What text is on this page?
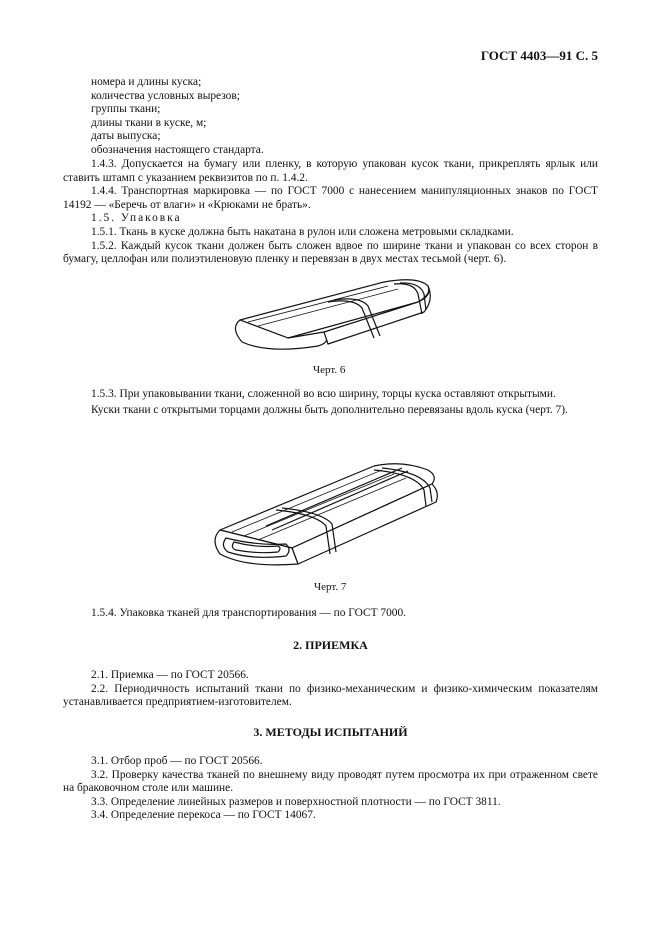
ГОСТ 4403—91 С. 5

номера и длины куска;

количества условных вырезов;

группы ткани;

длины ткани в куске, м;

даты выпуска;

обозначения настоящего стандарта.

1.4.3. Допускается на бумагу или пленку, в которую упакован кусок ткани, прикреплять ярлык или ставить штамп с указанием реквизитов по п. 1.4.2.

1.4.4. Транспортная маркировка — по ГОСТ 7000 с нанесением манипуляционных знаков по ГОСТ 14192 — «Беречь от влаги» и «Крюками не брать».

1.5. Упаковка

1.5.1. Ткань в куске должна быть накатана в рулон или сложена метровыми складками.

1.5.2. Каждый кусок ткани должен быть сложен вдвое по ширине ткани и упакован со всех сторон в бумагу, целлофан или полиэтиленовую пленку и перевязан в двух местах тесьмой (черт. 6).

Черт. 6

1.5.3. При упаковывании ткани, сложенной во всю ширину, торцы куска оставляют открытыми.

Куски ткани с открытыми торцами должны быть дополнительно перевязаны вдоль куска (черт. 7).

Черт. 7

1.5.4. Упаковка тканей для транспортирования — по ГОСТ 7000.

2. ПРИЕМКА

2.1. Приемка — по ГОСТ 20566.

2.2. Периодичность испытаний ткани по физико-механическим и физико-химическим показателям устанавливается предприятием-изготовителем.

3. МЕТОДЫ ИСПЫТАНИЙ

3.1. Отбор проб — по ГОСТ 20566.

3.2. Проверку качества тканей по внешнему виду проводят путем просмотра их при отраженном свете на браковочном столе или машине.

3.3. Определение линейных размеров и поверхностной плотности — по ГОСТ 3811.

3.4. Определение перекоса — по ГОСТ 14067.
